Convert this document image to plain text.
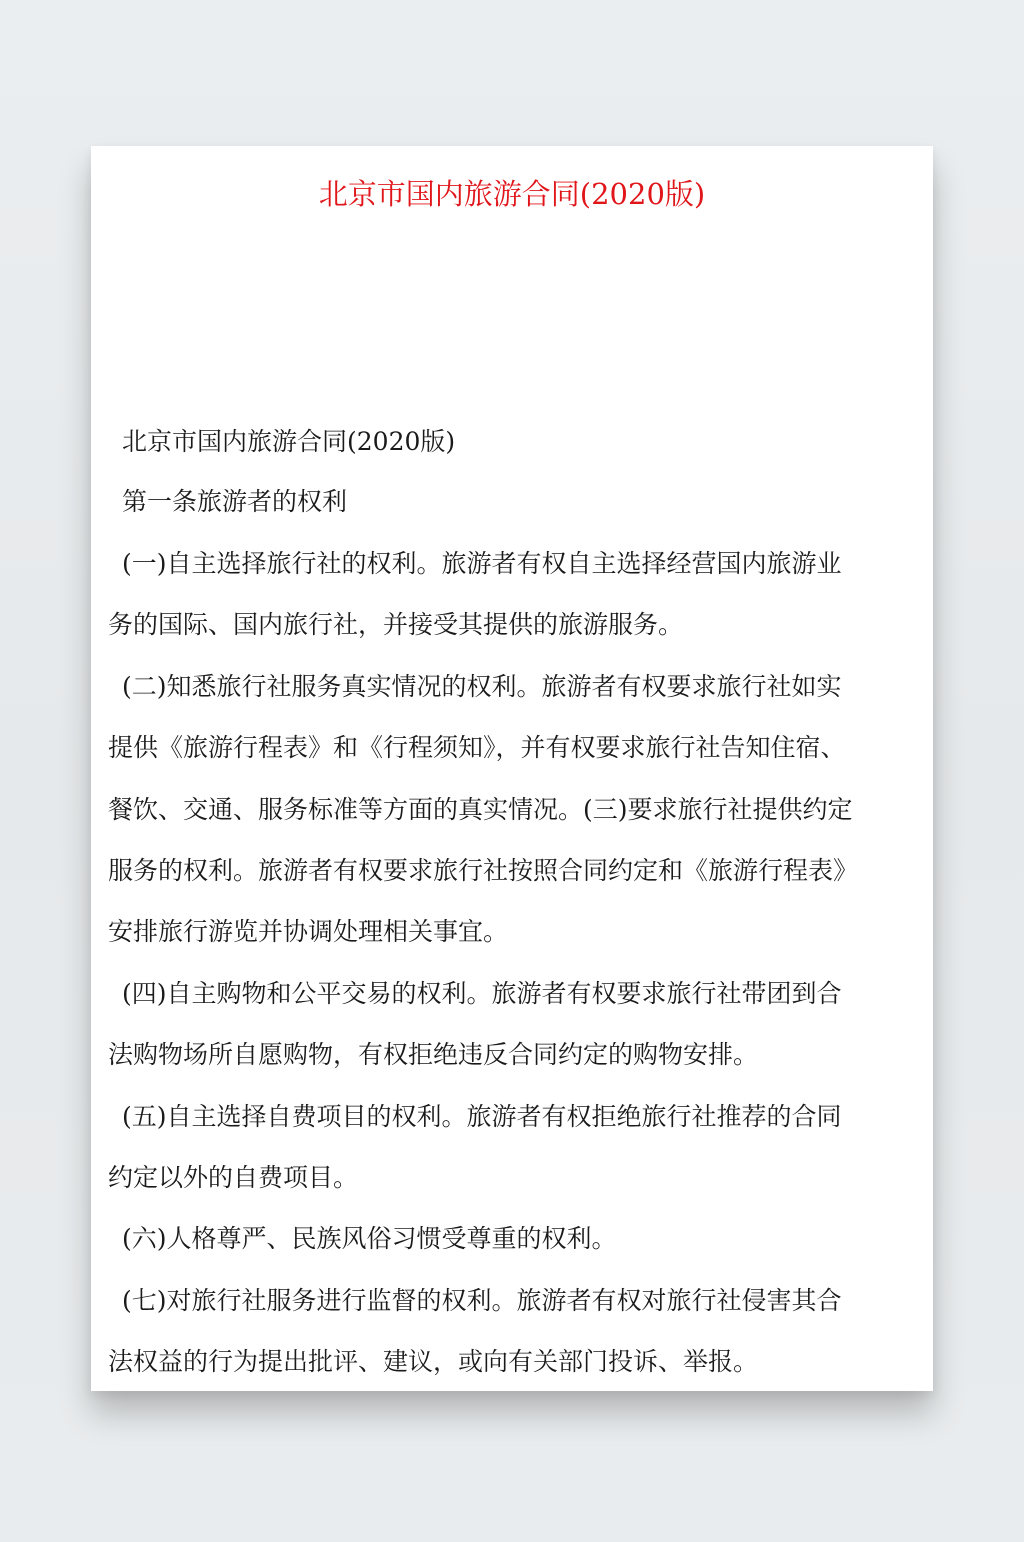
北京市国内旅游合同(2020版)

北京市国内旅游合同(2020版)

第一条旅游者的权利

(一)自主选择旅行社的权利。旅游者有权自主选择经营国内旅游业

务的国际、国内旅行社，并接受其提供的旅游服务。

(二)知悉旅行社服务真实情况的权利。旅游者有权要求旅行社如实

提供《旅游行程表》和《行程须知》，并有权要求旅行社告知住宿、

餐饮、交通、服务标准等方面的真实情况。(三)要求旅行社提供约定

服务的权利。旅游者有权要求旅行社按照合同约定和《旅游行程表》

安排旅行游览并协调处理相关事宜。

(四)自主购物和公平交易的权利。旅游者有权要求旅行社带团到合

法购物场所自愿购物，有权拒绝违反合同约定的购物安排。

(五)自主选择自费项目的权利。旅游者有权拒绝旅行社推荐的合同

约定以外的自费项目。

(六)人格尊严、民族风俗习惯受尊重的权利。

(七)对旅行社服务进行监督的权利。旅游者有权对旅行社侵害其合

法权益的行为提出批评、建议，或向有关部门投诉、举报。
